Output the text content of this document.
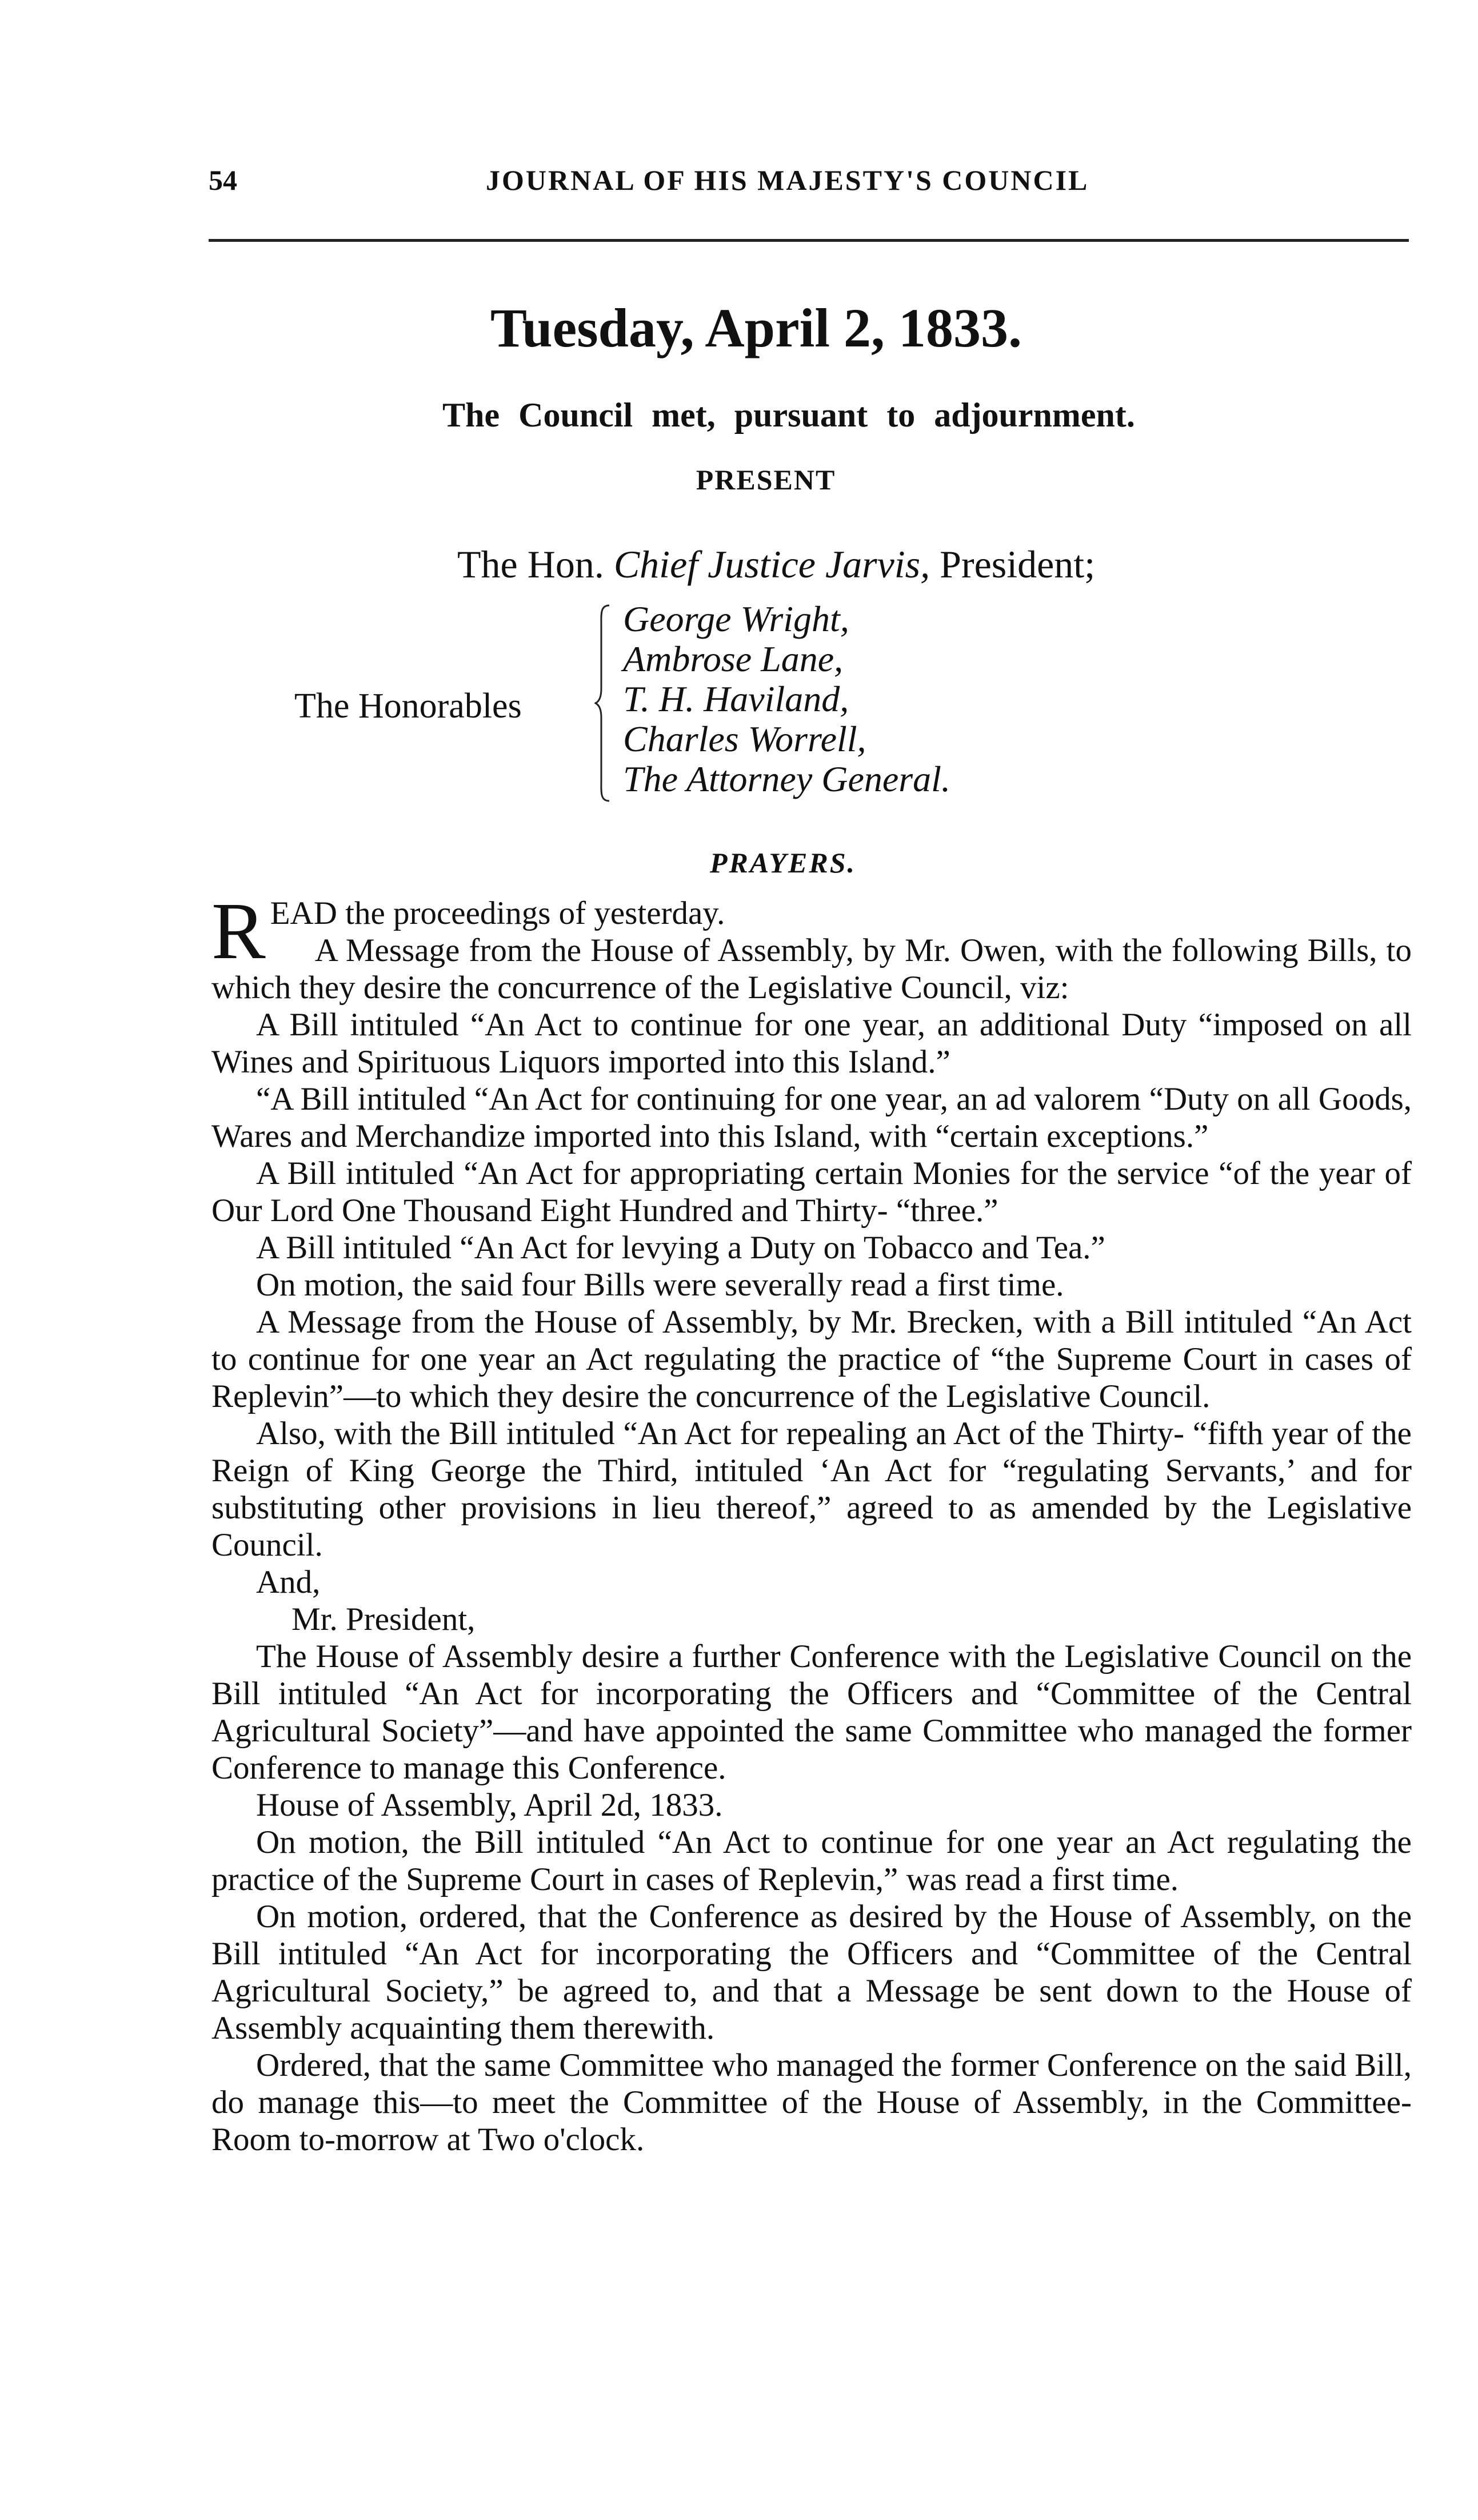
54	JOURNAL OF HIS MAJESTY'S COUNCIL
Tuesday, April 2, 1833.
The Council met, pursuant to adjournment.
PRESENT
The Hon. Chief Justice Jarvis, President;
The Honorables
George Wright,
Ambrose Lane,
T. H. Haviland,
Charles Worrell,
The Attorney General.
PRAYERS.

READ the proceedings of yesterday.

A Message from the House of Assembly, by Mr. Owen, with the following Bills, to which they desire the concurrence of the Legislative Council, viz:

A Bill intituled “An Act to continue for one year, an additional Duty “imposed on all Wines and Spirituous Liquors imported into this Island.”

“A Bill intituled “An Act for continuing for one year, an ad valorem “Duty on all Goods, Wares and Merchandize imported into this Island, with “certain exceptions.”

A Bill intituled “An Act for appropriating certain Monies for the service “of the year of Our Lord One Thousand Eight Hundred and Thirty- “three.”

A Bill intituled “An Act for levying a Duty on Tobacco and Tea.”

On motion, the said four Bills were severally read a first time.

A Message from the House of Assembly, by Mr. Brecken, with a Bill intituled “An Act to continue for one year an Act regulating the practice of “the Supreme Court in cases of Replevin”—to which they desire the concurrence of the Legislative Council.

Also, with the Bill intituled “An Act for repealing an Act of the Thirty- “fifth year of the Reign of King George the Third, intituled ‘An Act for “regulating Servants,’ and for substituting other provisions in lieu thereof,” agreed to as amended by the Legislative Council.

And,

Mr. President,

The House of Assembly desire a further Conference with the Legislative Council on the Bill intituled “An Act for incorporating the Officers and “Committee of the Central Agricultural Society”—and have appointed the same Committee who managed the former Conference to manage this Conference.

House of Assembly, April 2d, 1833.

On motion, the Bill intituled “An Act to continue for one year an Act regulating the practice of the Supreme Court in cases of Replevin,” was read a first time.

On motion, ordered, that the Conference as desired by the House of Assembly, on the Bill intituled “An Act for incorporating the Officers and “Committee of the Central Agricultural Society,” be agreed to, and that a Message be sent down to the House of Assembly acquainting them therewith.

Ordered, that the same Committee who managed the former Conference on the said Bill, do manage this—to meet the Committee of the House of Assembly, in the Committee-Room to-morrow at Two o'clock.
